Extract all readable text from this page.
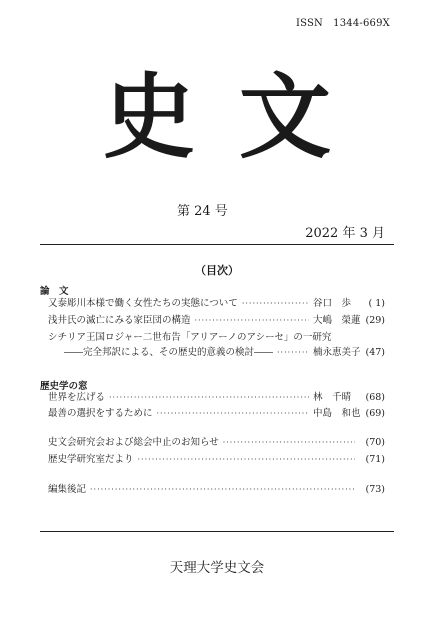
ISSN　1344-669X
史文
第 24 号
2022 年 3 月
（目次）
論　文
又泰彫川本様で働く女性たちの実態について ·····	谷口　歩	( 1)
浅井氏の滅亡にみる家臣団の構造 ·····	大嶋　榮蓮 (29)
シチリア王国ロジャー二世布告「アリアーノのアシーセ」の一研究
――完全邦訳による、その歴史的意義の検討―― ·····	楠永恵美子 (47)
歴史学の窓
世界を広げる ·····	林　千晴	(68)
最善の選択をするために ·····	中島　和也 (69)
史文会研究会および総会中止のお知らせ ·····	(70)
歴史学研究室だより ·····	(71)
編集後記 ·····	(73)
天理大学史文会
